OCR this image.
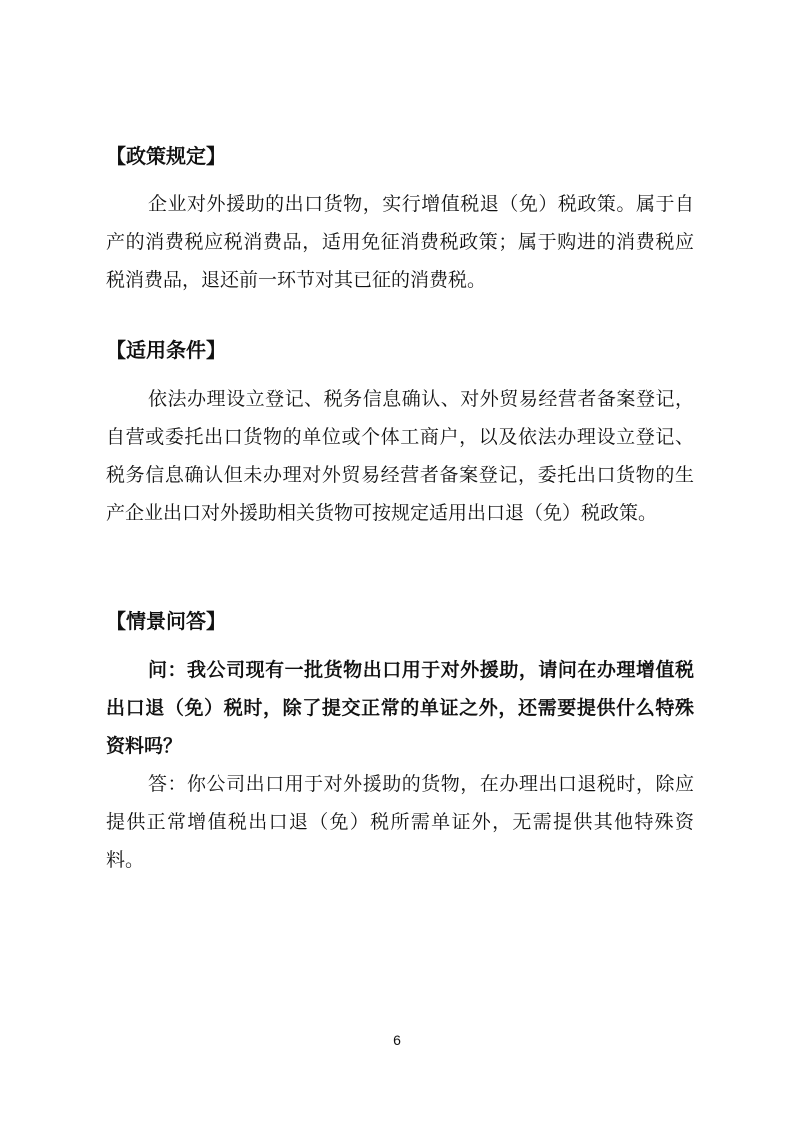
【政策规定】
企业对外援助的出口货物，实行增值税退（免）税政策。属于自产的消费税应税消费品，适用免征消费税政策；属于购进的消费税应税消费品，退还前一环节对其已征的消费税。
【适用条件】
依法办理设立登记、税务信息确认、对外贸易经营者备案登记，自营或委托出口货物的单位或个体工商户，以及依法办理设立登记、税务信息确认但未办理对外贸易经营者备案登记，委托出口货物的生产企业出口对外援助相关货物可按规定适用出口退（免）税政策。
【情景问答】
问：我公司现有一批货物出口用于对外援助，请问在办理增值税出口退（免）税时，除了提交正常的单证之外，还需要提供什么特殊资料吗？
答：你公司出口用于对外援助的货物，在办理出口退税时，除应提供正常增值税出口退（免）税所需单证外，无需提供其他特殊资料。
6
